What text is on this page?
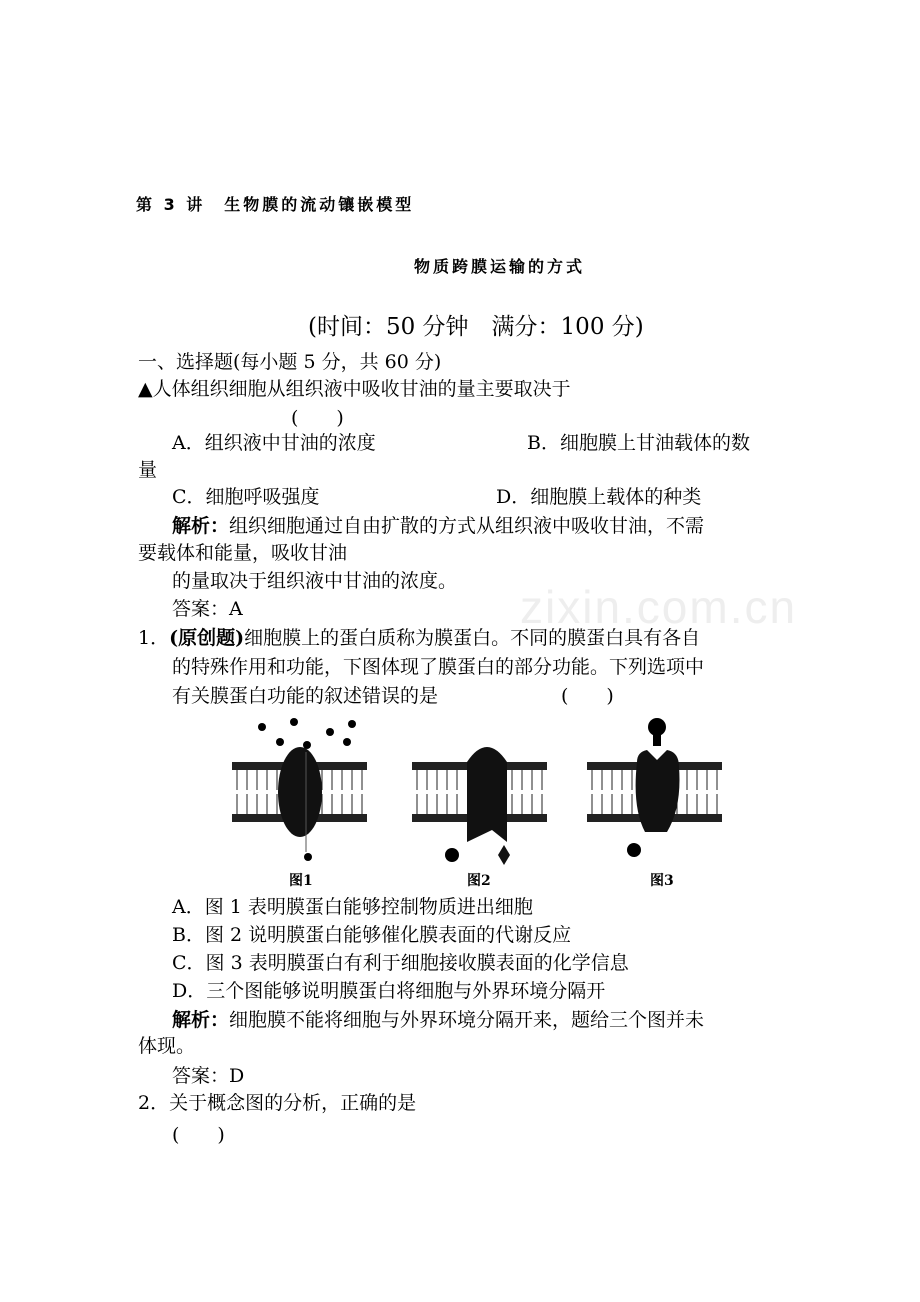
zixin.com.cn
第 3 讲　生物膜的流动镶嵌模型
物质跨膜运输的方式
(时间：50 分钟　满分：100 分)
一、选择题(每小题 5 分，共 60 分)
▲人体组织细胞从组织液中吸收甘油的量主要取决于
(　　)
A．组织液中甘油的浓度	B．细胞膜上甘油载体的数
量
C．细胞呼吸强度	D．细胞膜上载体的种类
解析：组织细胞通过自由扩散的方式从组织液中吸收甘油，不需
要载体和能量，吸收甘油
的量取决于组织液中甘油的浓度。
答案：A
1．(原创题)细胞膜上的蛋白质称为膜蛋白。不同的膜蛋白具有各自
的特殊作用和功能，下图体现了膜蛋白的部分功能。下列选项中
有关膜蛋白功能的叙述错误的是	(　　)
图1	图2	图3
A．图 1 表明膜蛋白能够控制物质进出细胞
B．图 2 说明膜蛋白能够催化膜表面的代谢反应
C．图 3 表明膜蛋白有利于细胞接收膜表面的化学信息
D．三个图能够说明膜蛋白将细胞与外界环境分隔开
解析：细胞膜不能将细胞与外界环境分隔开来，题给三个图并未
体现。
答案：D
2．关于概念图的分析，正确的是
(　　)
